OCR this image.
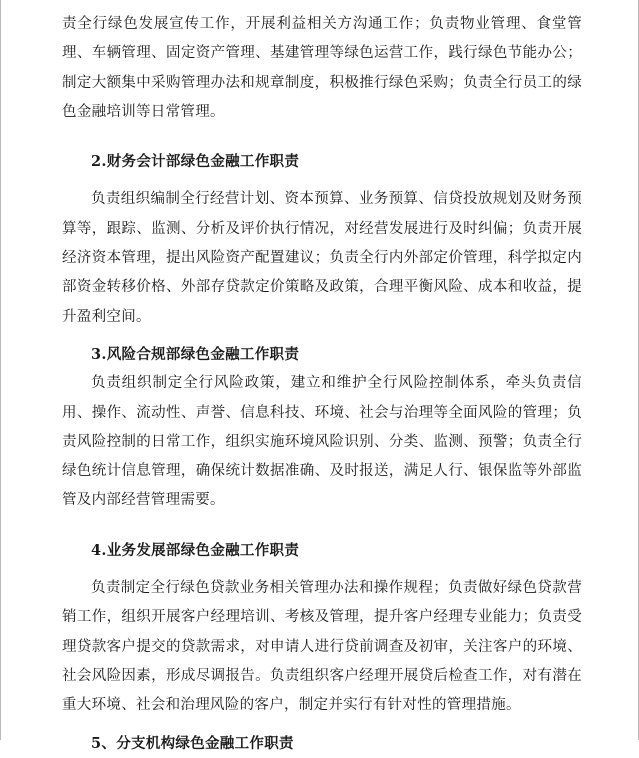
责全行绿色发展宣传工作，开展利益相关方沟通工作；负责物业管理、食堂管理、车辆管理、固定资产管理、基建管理等绿色运营工作，践行绿色节能办公；制定大额集中采购管理办法和规章制度，积极推行绿色采购；负责全行员工的绿色金融培训等日常管理。

2.财务会计部绿色金融工作职责

负责组织编制全行经营计划、资本预算、业务预算、信贷投放规划及财务预算等，跟踪、监测、分析及评价执行情况，对经营发展进行及时纠偏；负责开展经济资本管理，提出风险资产配置建议；负责全行内外部定价管理，科学拟定内部资金转移价格、外部存贷款定价策略及政策，合理平衡风险、成本和收益，提升盈利空间。

3.风险合规部绿色金融工作职责

负责组织制定全行风险政策，建立和维护全行风险控制体系，牵头负责信用、操作、流动性、声誉、信息科技、环境、社会与治理等全面风险的管理；负责风险控制的日常工作，组织实施环境风险识别、分类、监测、预警；负责全行绿色统计信息管理，确保统计数据准确、及时报送，满足人行、银保监等外部监管及内部经营管理需要。

4.业务发展部绿色金融工作职责

负责制定全行绿色贷款业务相关管理办法和操作规程；负责做好绿色贷款营销工作，组织开展客户经理培训、考核及管理，提升客户经理专业能力；负责受理贷款客户提交的贷款需求，对申请人进行贷前调查及初审，关注客户的环境、社会风险因素，形成尽调报告。负责组织客户经理开展贷后检查工作，对有潜在重大环境、社会和治理风险的客户，制定并实行有针对性的管理措施。

5、分支机构绿色金融工作职责
